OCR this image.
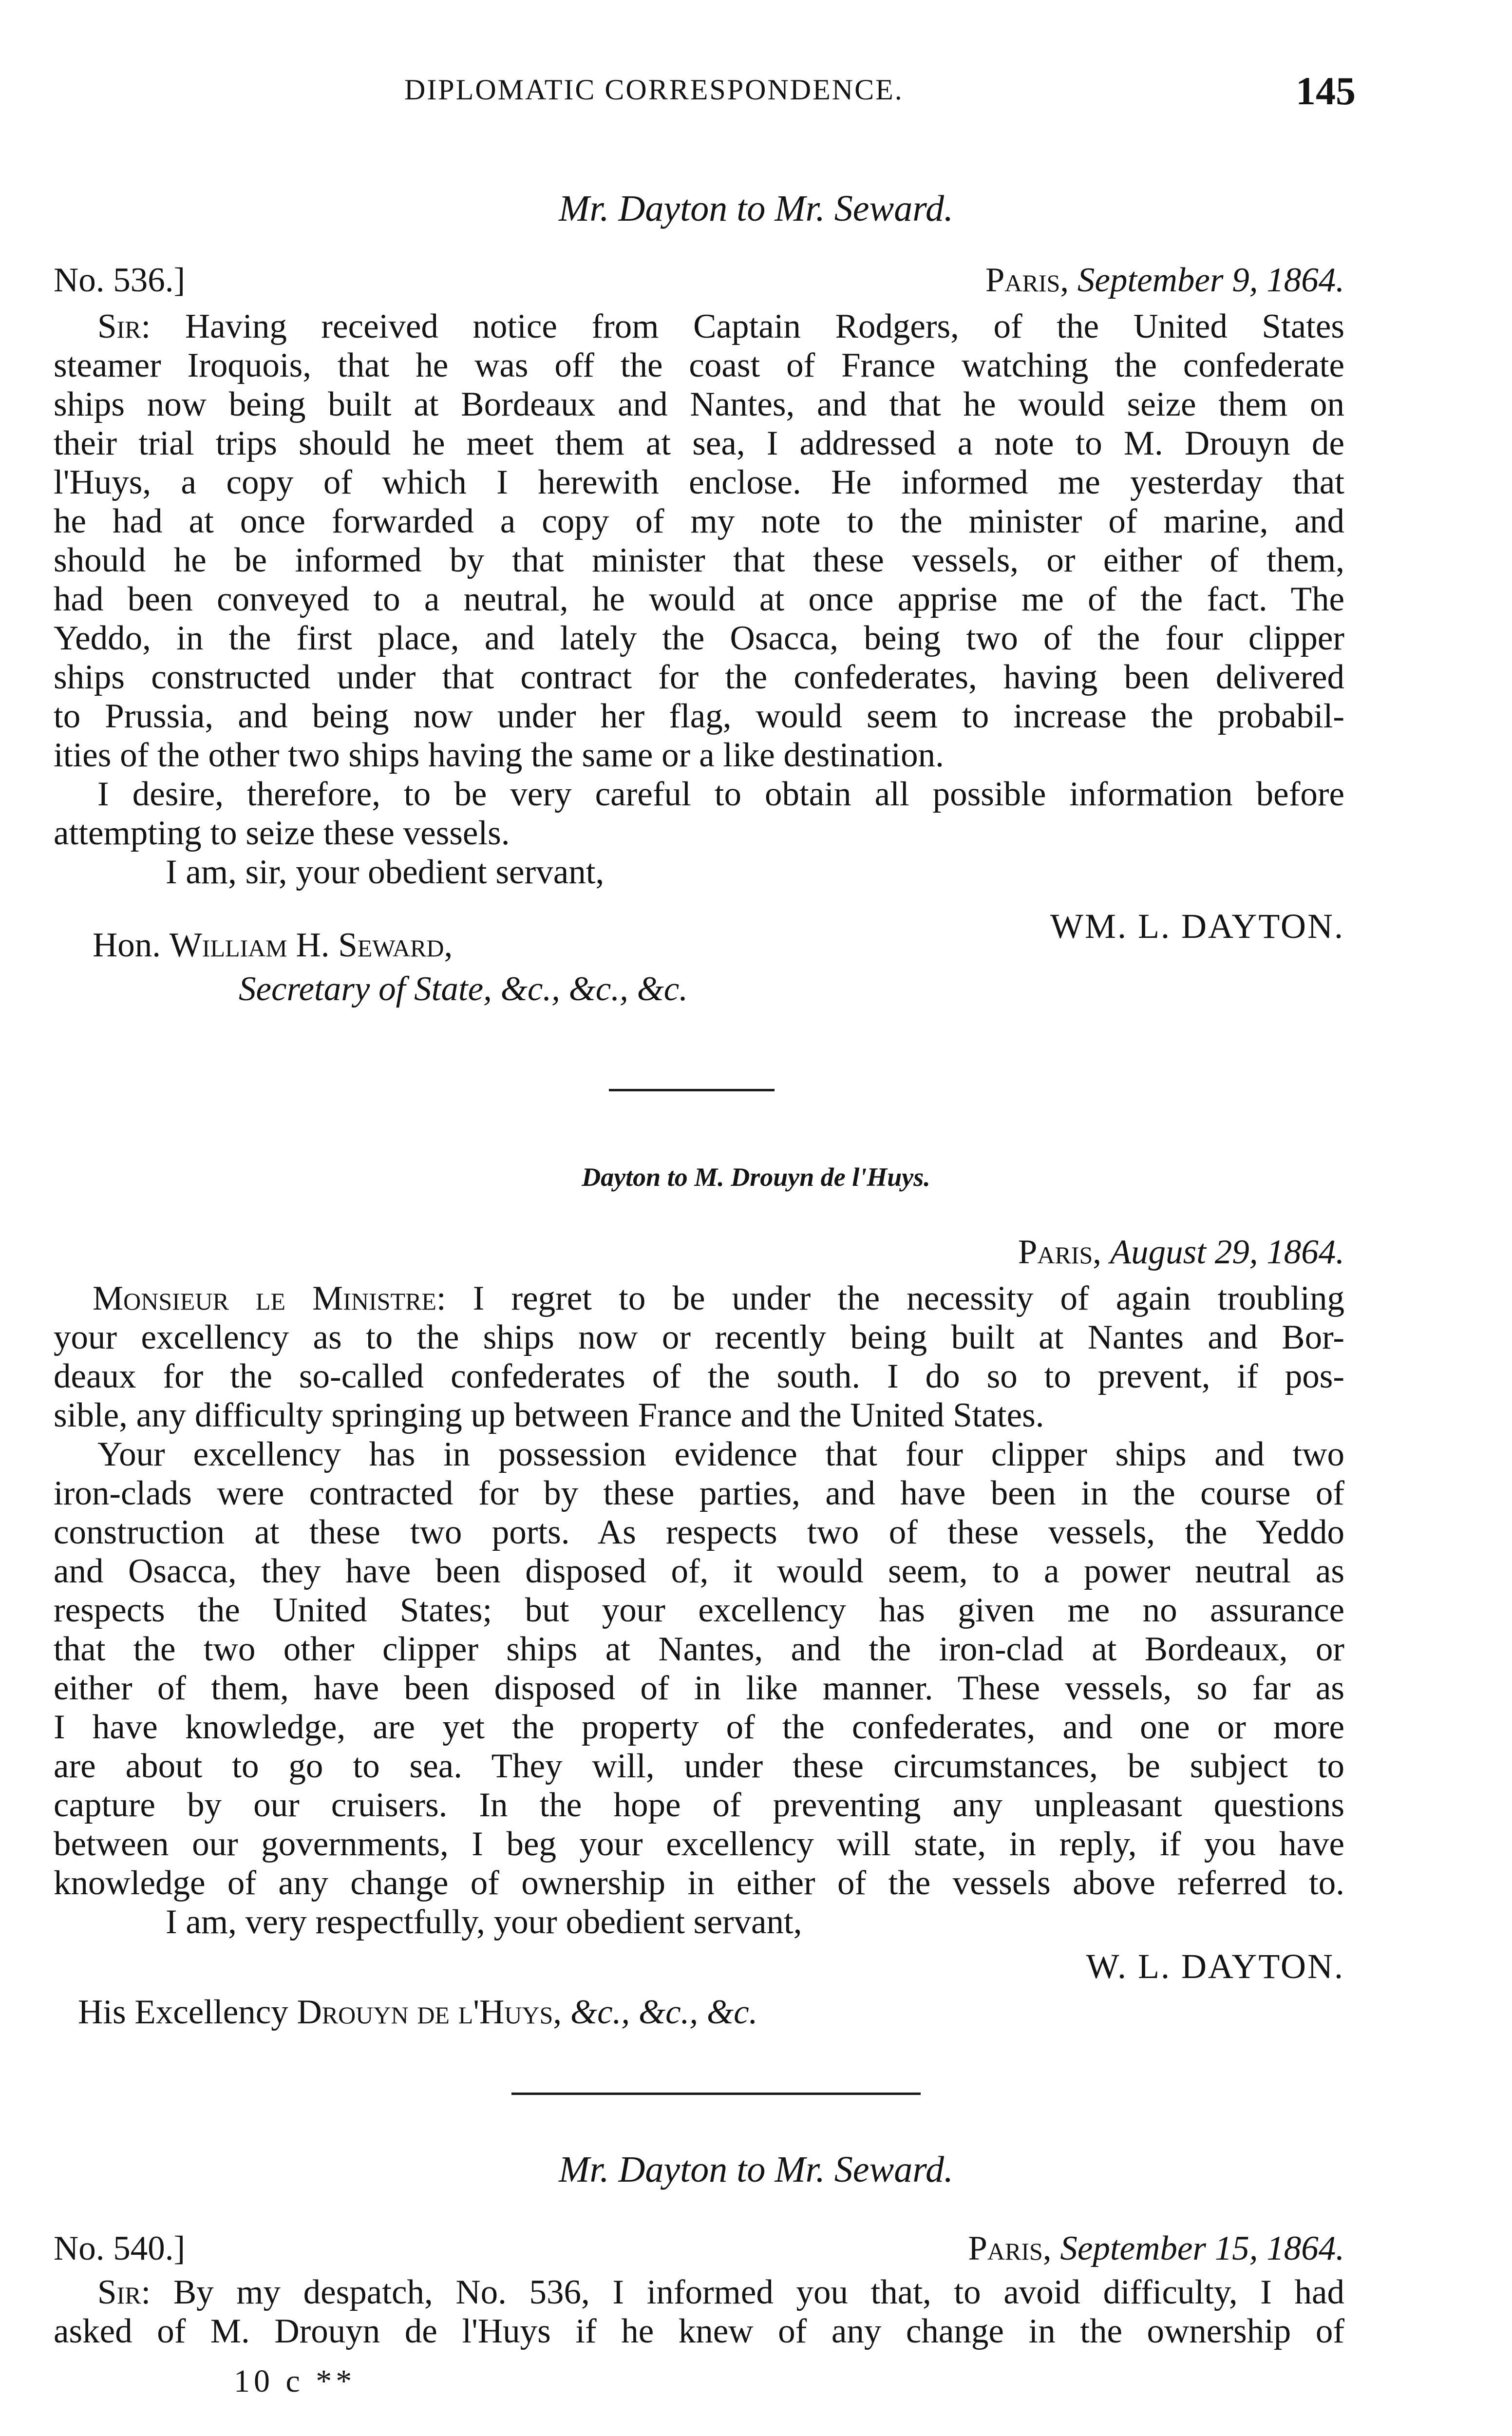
DIPLOMATIC CORRESPONDENCE.	145
Mr. Dayton to Mr. Seward.
No. 536.]	Paris, September 9, 1864.
Sir: Having received notice from Captain Rodgers, of the United States
steamer Iroquois, that he was off the coast of France watching the confederate
ships now being built at Bordeaux and Nantes, and that he would seize them on
their trial trips should he meet them at sea, I addressed a note to M. Drouyn de
l'Huys, a copy of which I herewith enclose. He informed me yesterday that
he had at once forwarded a copy of my note to the minister of marine, and
should he be informed by that minister that these vessels, or either of them,
had been conveyed to a neutral, he would at once apprise me of the fact. The
Yeddo, in the first place, and lately the Osacca, being two of the four clipper
ships constructed under that contract for the confederates, having been delivered
to Prussia, and being now under her flag, would seem to increase the probabil-
ities of the other two ships having the same or a like destination.
I desire, therefore, to be very careful to obtain all possible information before
attempting to seize these vessels.
I am, sir, your obedient servant,
WM. L. DAYTON.
Hon. William H. Seward,
Secretary of State, &c., &c., &c.
Dayton to M. Drouyn de l'Huys.
Paris, August 29, 1864.
Monsieur le Ministre: I regret to be under the necessity of again troubling
your excellency as to the ships now or recently being built at Nantes and Bor-
deaux for the so-called confederates of the south. I do so to prevent, if pos-
sible, any difficulty springing up between France and the United States.
Your excellency has in possession evidence that four clipper ships and two
iron-clads were contracted for by these parties, and have been in the course of
construction at these two ports. As respects two of these vessels, the Yeddo
and Osacca, they have been disposed of, it would seem, to a power neutral as
respects the United States; but your excellency has given me no assurance
that the two other clipper ships at Nantes, and the iron-clad at Bordeaux, or
either of them, have been disposed of in like manner. These vessels, so far as
I have knowledge, are yet the property of the confederates, and one or more
are about to go to sea. They will, under these circumstances, be subject to
capture by our cruisers. In the hope of preventing any unpleasant questions
between our governments, I beg your excellency will state, in reply, if you have
knowledge of any change of ownership in either of the vessels above referred to.
I am, very respectfully, your obedient servant,
W. L. DAYTON.
His Excellency Drouyn de l'Huys, &c., &c., &c.
Mr. Dayton to Mr. Seward.
No. 540.]	Paris, September 15, 1864.
Sir: By my despatch, No. 536, I informed you that, to avoid difficulty, I had
asked of M. Drouyn de l'Huys if he knew of any change in the ownership of
10 c **
